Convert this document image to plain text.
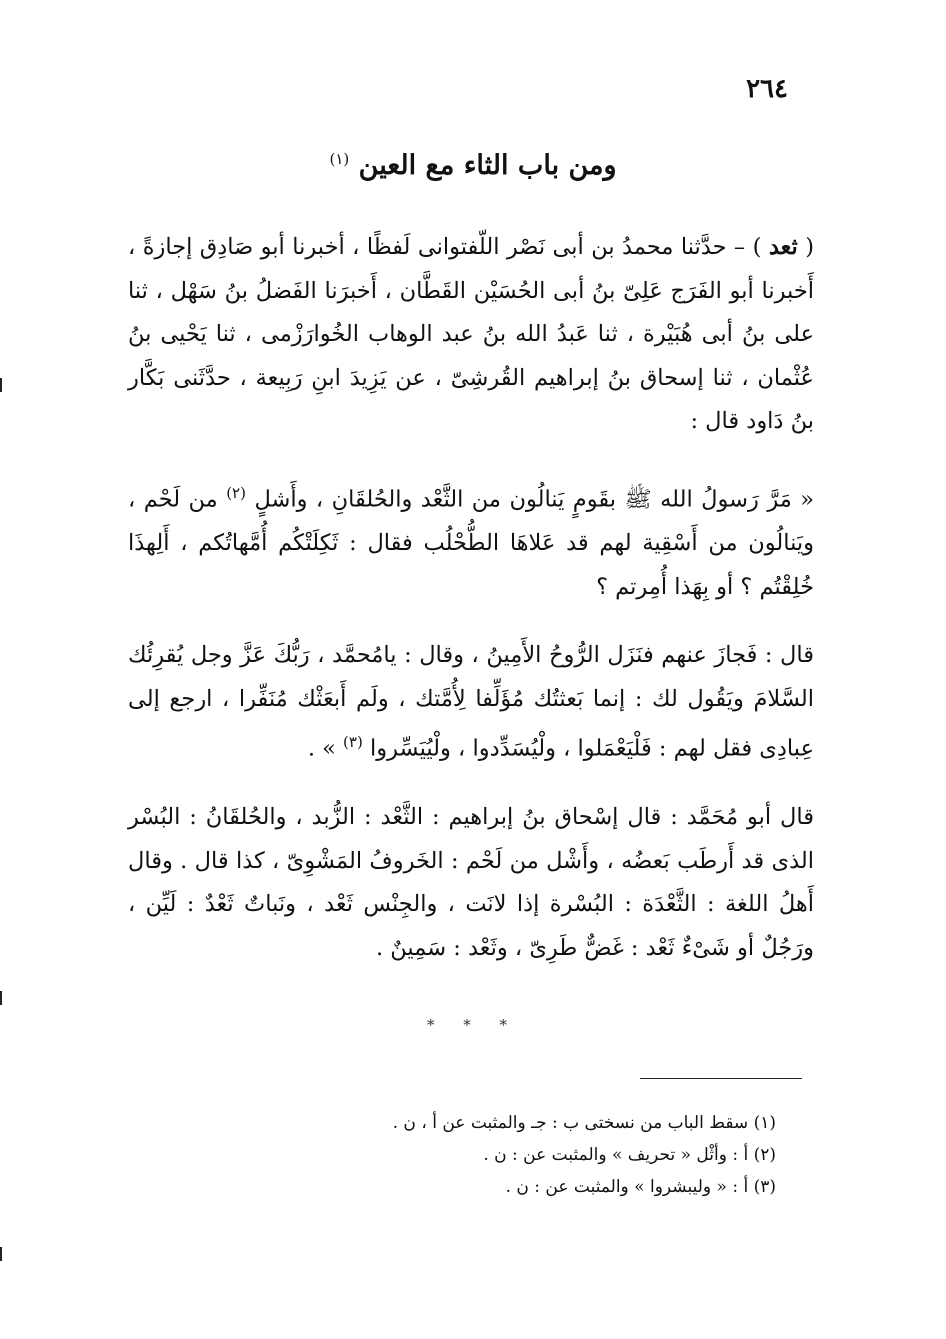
٢٦٤
ومن باب الثاء مع العين $^{(١)}$

( ثعد ) – حدَّثنا محمدُ بن أبى نَصْر اللّفتوانى لَفظًا ، أخبرنا أبو صَادِق إجازةً ، أَخبرنا أبو الفَرَج عَلِىّ بنُ أبى الحُسَيْن القَطَّان ، أَخبرَنا الفَضلُ بنُ سَهْل ، ثنا على بنُ أبى هُبَيْرة ، ثنا عَبدُ الله بنُ عبد الوهاب الخُوارَزْمى ، ثنا يَحْيى بنُ عُثْمان ، ثنا إسحاق بنُ إبراهيم القُرشِىّ ، عن يَزِيدَ ابنِ رَبِيعة ، حدَّثَنى بَكَّار بنُ دَاود قال :

« مَرَّ رَسولُ الله ﷺ بقَومٍ يَنالُون من الثَّعْد والحُلقَانِ ، وأَشلٍ $^{(٢)}$ من لَحْم ، ويَنالُون من أَسْقِية لهم قد عَلاهَا الطُّحْلُب فقال : ثَكِلَتْكُم أُمَّهاتُكم ، أَلِهذَا خُلِقْتُم ؟ أو بِهَذا أُمِرتم ؟

قال : فَجازَ عنهم فنَزَل الرُّوحُ الأَمِينُ ، وقال : يامُحمَّد ، رَبُّكَ عَزَّ وجل يُقرِئُك السَّلامَ ويَقُول لك : إنما بَعثتُك مُؤَلِّفا لِأُمَّتك ، ولَم أَبعَثْك مُنَفِّرا ، ارجع إلى عِبادِى فقل لهم : فَلْيَعْمَلوا ، ولْيُسَدِّدوا ، ولْيُيَسِّروا $^{(٣)}$ » .

قال أبو مُحَمَّد : قال إسْحاق بنُ إبراهيم : الثَّعْد : الزُّبد ، والحُلقَانُ : البُسْر الذى قد أَرطَب بَعضُه ، وأَشْل من لَحْم : الخَروفُ المَشْوِىّ ، كذا قال . وقال أَهلُ اللغة : الثَّعْدَة : البُسْرة إذا لانَت ، والجِنْس ثَعْد ، ونَباتٌ ثَعْدٌ : لَيِّن ، ورَجُلٌ أو شَىْءٌ ثَعْد : غَضٌّ طَرِىّ ، وثَعْد : سَمِينٌ .

* * *

(١) سقط الباب من نسختى ب : جـ والمثبت عن أ ، ن .

(٢) أ : وأثْل « تحريف » والمثبت عن : ن .

(٣) أ : « وليبشروا » والمثبت عن : ن .
